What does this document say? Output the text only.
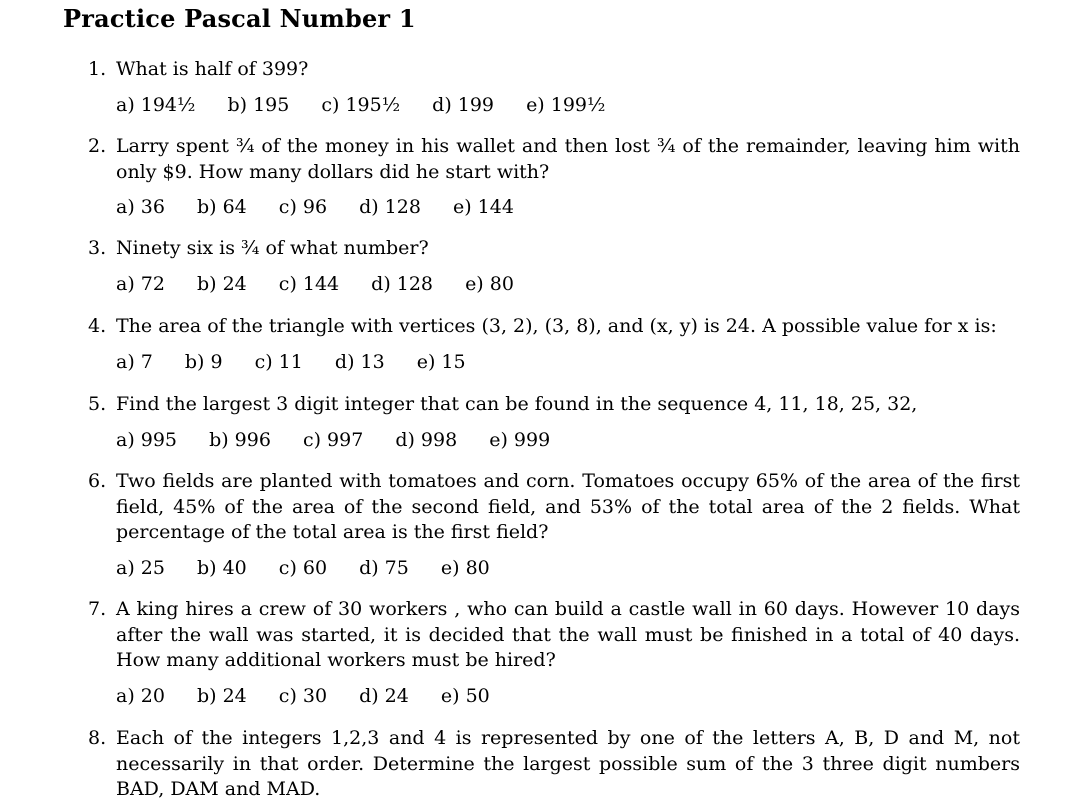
Practice Pascal Number 1
1. What is half of 399?
a) 194½ b) 195 c) 195½ d) 199 e) 199½
2. Larry spent ¾ of the money in his wallet and then lost ¾ of the remainder, leaving him with only $9. How many dollars did he start with?
a) 36 b) 64 c) 96 d) 128 e) 144
3. Ninety six is ¾ of what number?
a) 72 b) 24 c) 144 d) 128 e) 80
4. The area of the triangle with vertices (3, 2), (3, 8), and (x, y) is 24. A possible value for x is:
a) 7 b) 9 c) 11 d) 13 e) 15
5. Find the largest 3 digit integer that can be found in the sequence 4, 11, 18, 25, 32,
a) 995 b) 996 c) 997 d) 998 e) 999
6. Two fields are planted with tomatoes and corn. Tomatoes occupy 65% of the area of the first field, 45% of the area of the second field, and 53% of the total area of the 2 fields. What percentage of the total area is the first field?
a) 25 b) 40 c) 60 d) 75 e) 80
7. A king hires a crew of 30 workers , who can build a castle wall in 60 days. However 10 days after the wall was started, it is decided that the wall must be finished in a total of 40 days. How many additional workers must be hired?
a) 20 b) 24 c) 30 d) 24 e) 50
8. Each of the integers 1,2,3 and 4 is represented by one of the letters A, B, D and M, not necessarily in that order. Determine the largest possible sum of the 3 three digit numbers BAD, DAM and MAD.
